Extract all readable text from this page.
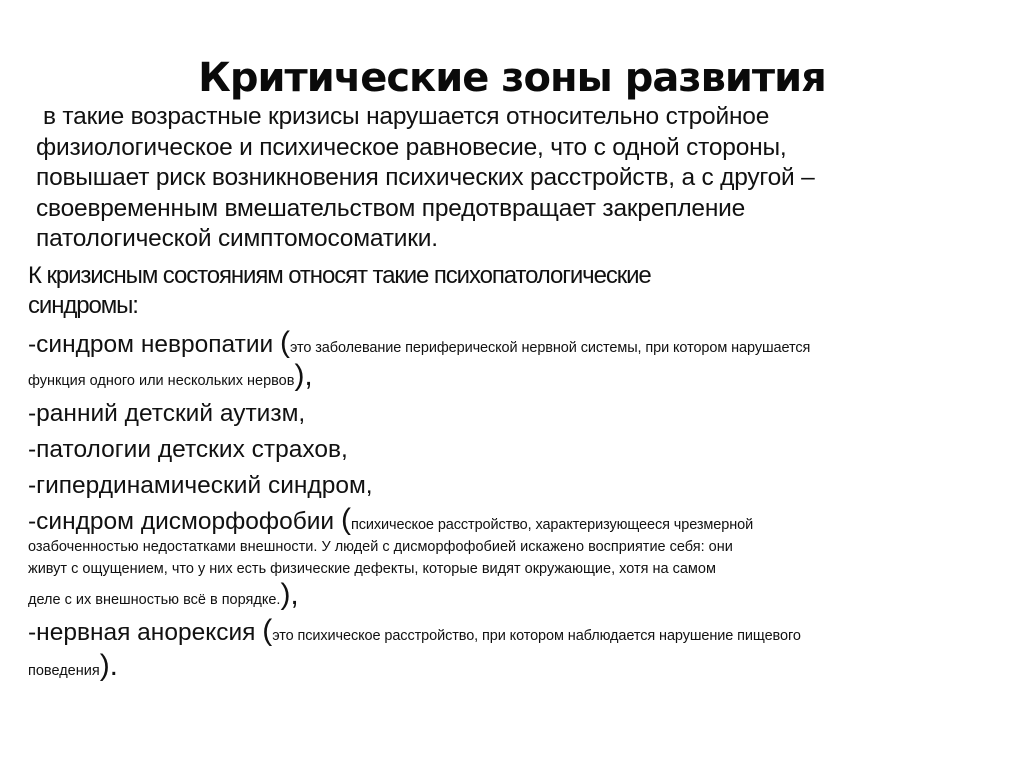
Критические зоны развития

в такие возрастные кризисы нарушается относительно стройное
физиологическое и психическое равновесие, что с одной стороны,
повышает риск возникновения психических расстройств, а с другой –
своевременным вмешательством предотвращает закрепление
патологической симптомосоматики.

К кризисным состояниям относят такие психопатологические
синдромы:

-синдром невропатии (это заболевание периферической нервной системы, при котором нарушается
функция одного или нескольких нервов),
-ранний детский аутизм,
-патологии детских страхов,
-гипердинамический синдром,
-синдром дисморфофобии (психическое расстройство, характеризующееся чрезмерной
озабоченностью недостатками внешности. У людей с дисморфофобией искажено восприятие себя: они
живут с ощущением, что у них есть физические дефекты, которые видят окружающие, хотя на самом
деле с их внешностью всё в порядке.),
-нервная анорексия (это психическое расстройство, при котором наблюдается нарушение пищевого
поведения).
